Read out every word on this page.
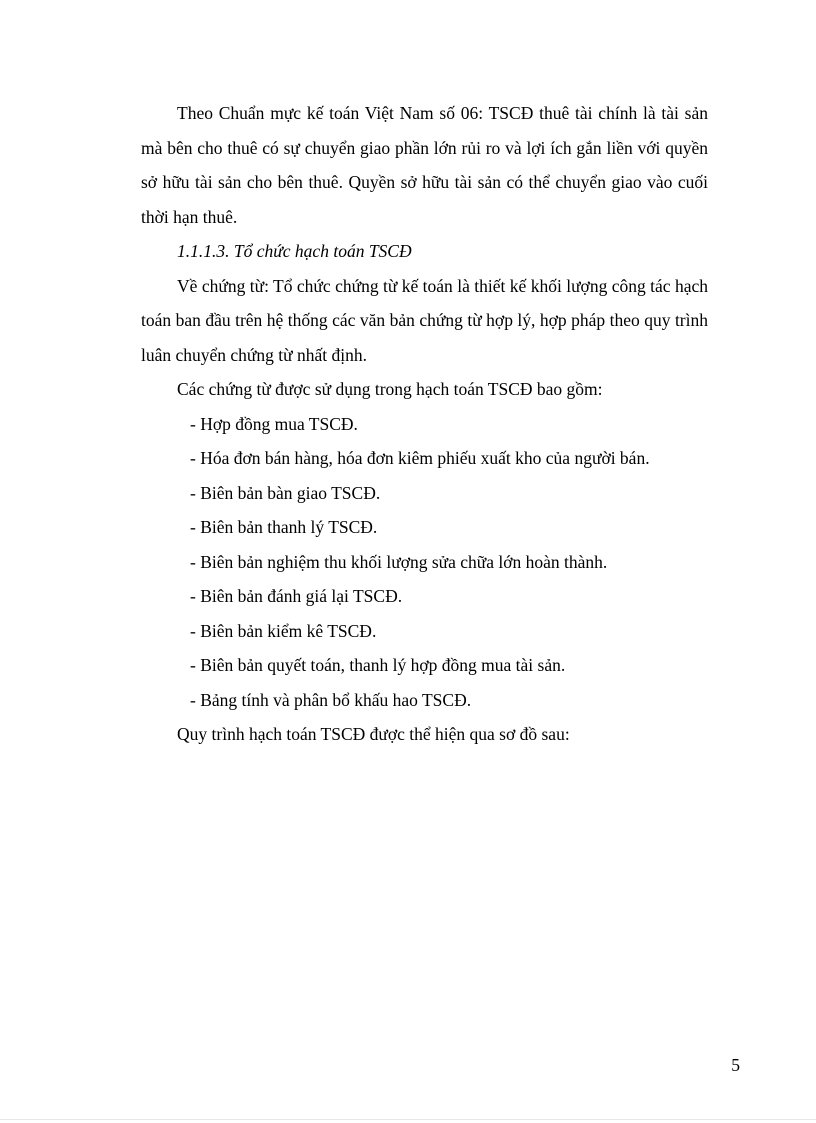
Theo Chuẩn mực kế toán Việt Nam số 06: TSCĐ thuê tài chính là tài sản mà bên cho thuê có sự chuyển giao phần lớn rủi ro và lợi ích gắn liền với quyền sở hữu tài sản cho bên thuê. Quyền sở hữu tài sản có thể chuyển giao vào cuối thời hạn thuê.

1.1.1.3. Tổ chức hạch toán TSCĐ

Về chứng từ: Tổ chức chứng từ kế toán là thiết kế khối lượng công tác hạch toán ban đầu trên hệ thống các văn bản chứng từ hợp lý, hợp pháp theo quy trình luân chuyển chứng từ nhất định.

Các chứng từ được sử dụng trong hạch toán TSCĐ bao gồm:

- Hợp đồng mua TSCĐ.
- Hóa đơn bán hàng, hóa đơn kiêm phiếu xuất kho của người bán.
- Biên bản bàn giao TSCĐ.
- Biên bản thanh lý TSCĐ.
- Biên bản nghiệm thu khối lượng sửa chữa lớn hoàn thành.
- Biên bản đánh giá lại TSCĐ.
- Biên bản kiểm kê TSCĐ.
- Biên bản quyết toán, thanh lý hợp đồng mua tài sản.
- Bảng tính và phân bổ khấu hao TSCĐ.

Quy trình hạch toán TSCĐ được thể hiện qua sơ đồ sau:

5
